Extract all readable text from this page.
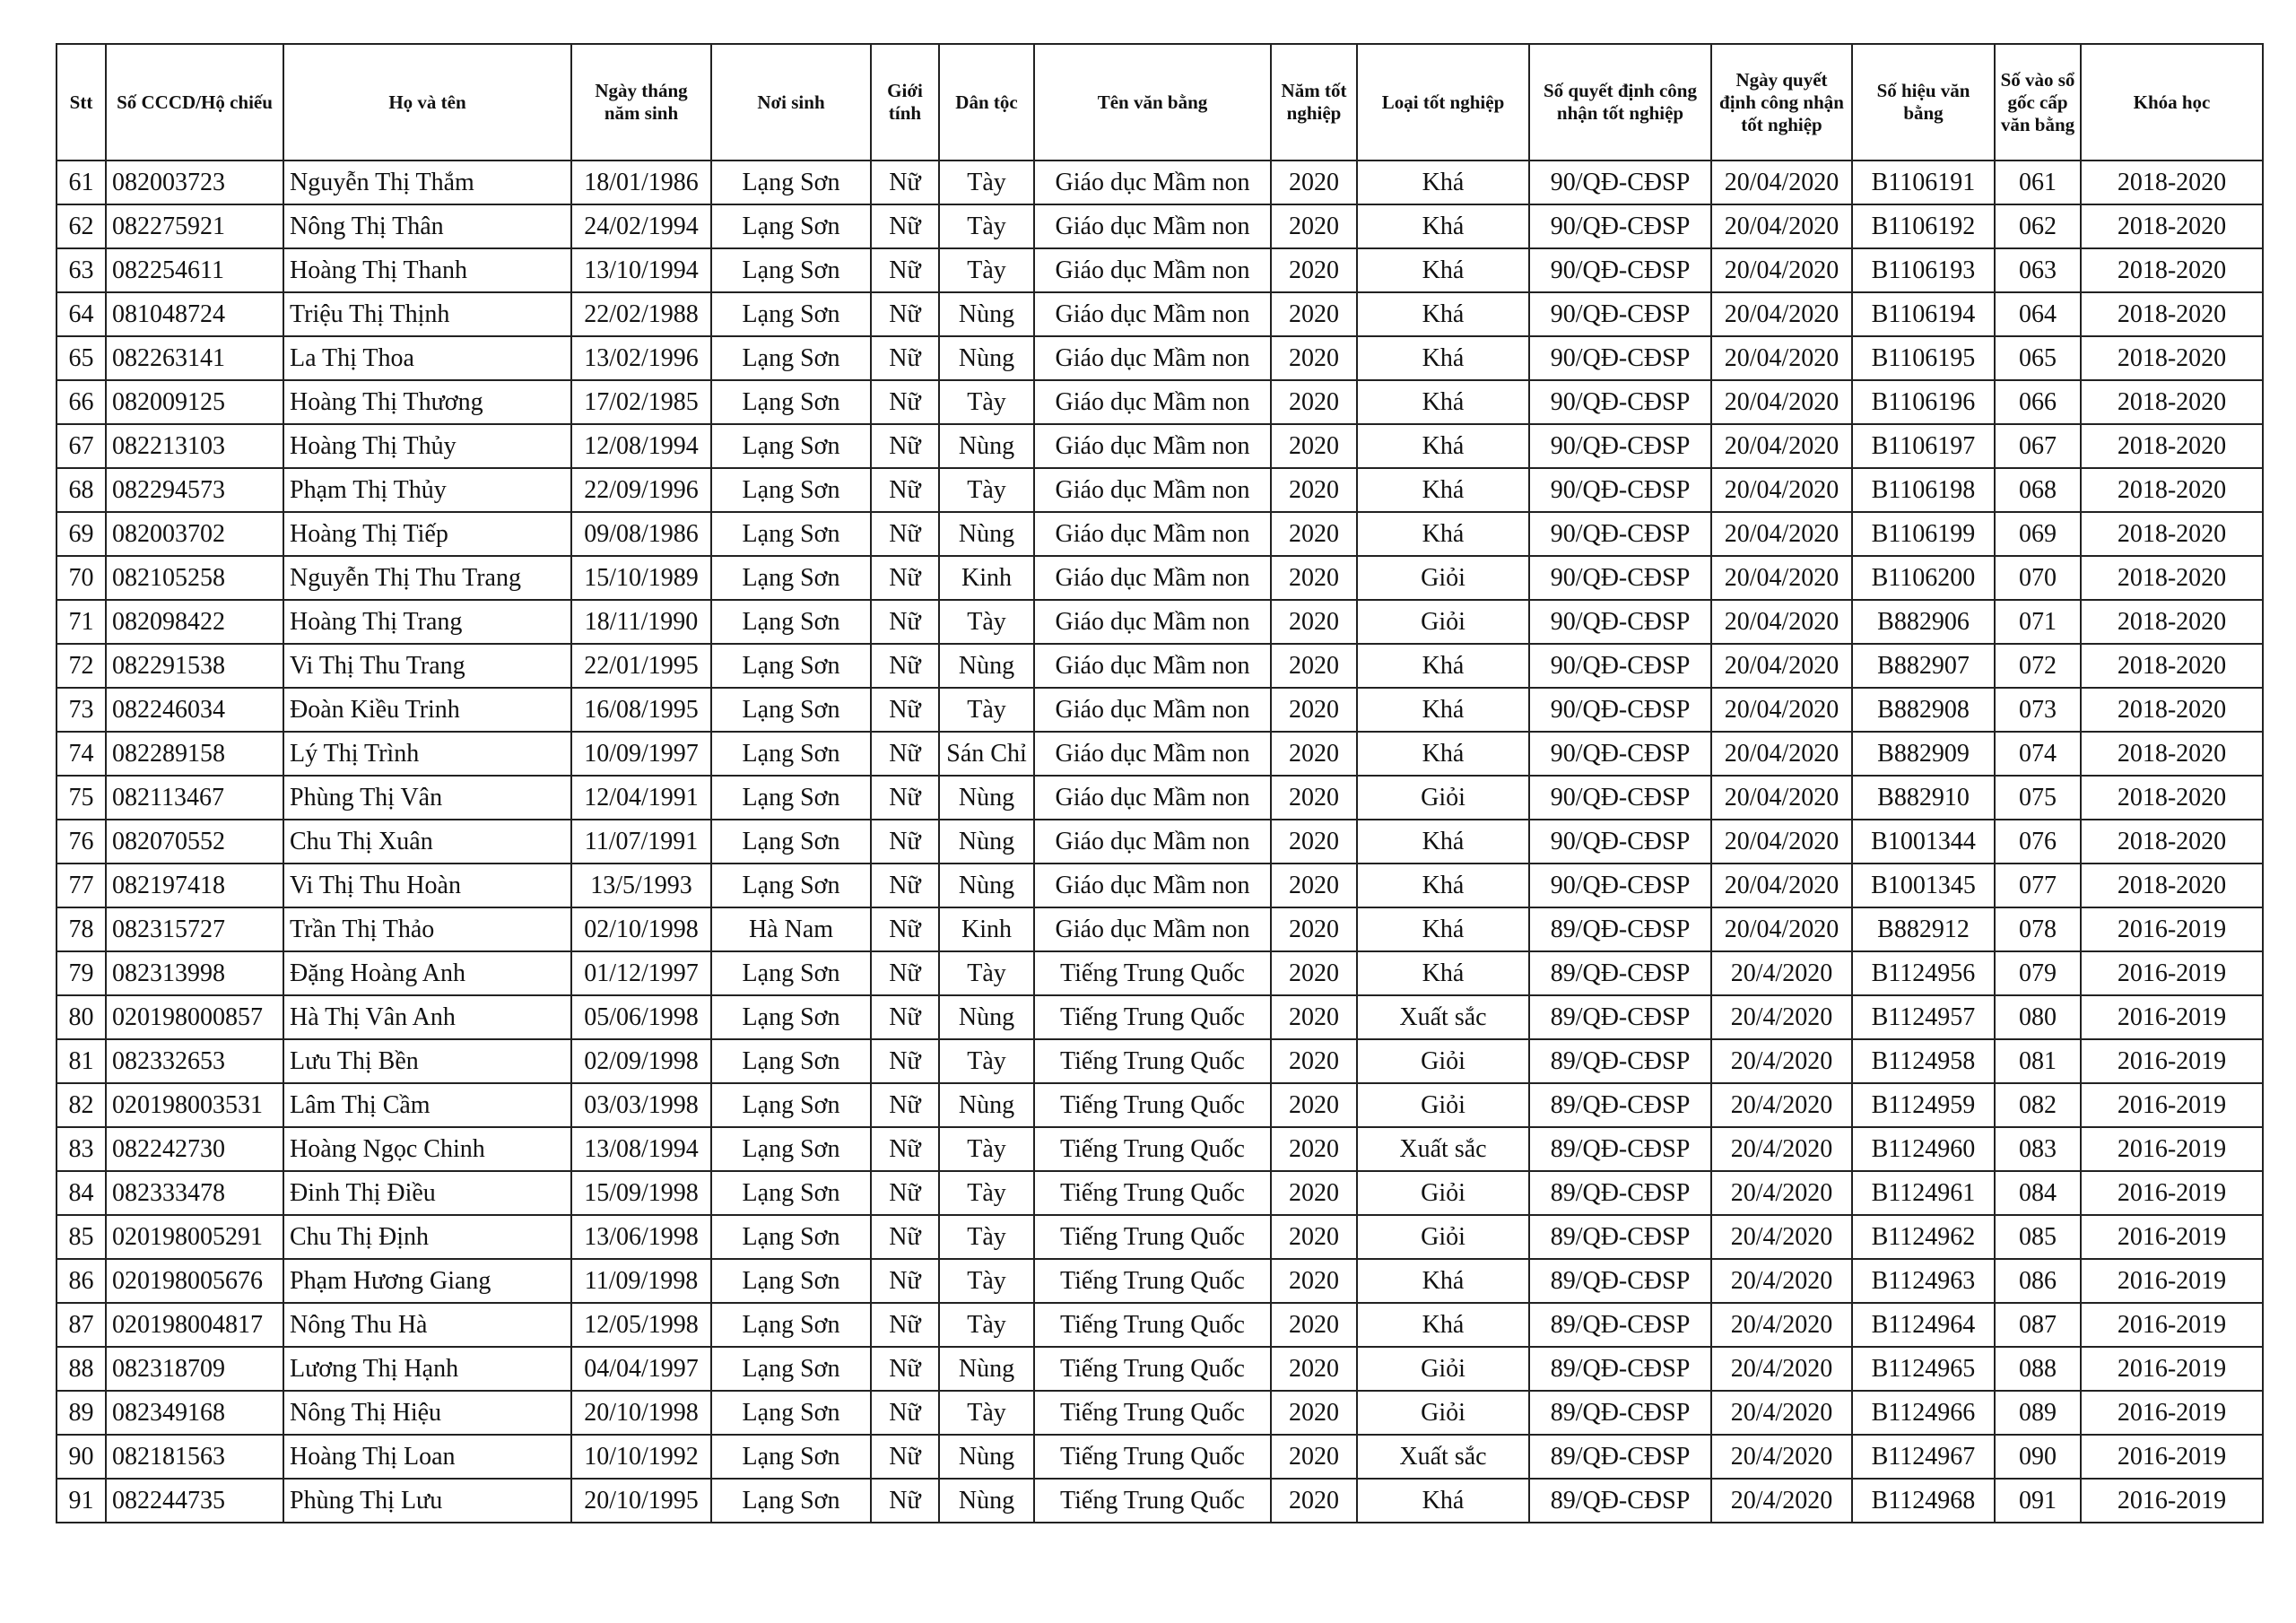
Stt	Số CCCD/Hộ chiếu	Họ và tên	Ngày tháng năm sinh	Nơi sinh	Giới tính	Dân tộc	Tên văn bằng	Năm tốt nghiệp	Loại tốt nghiệp	Số quyết định công nhận tốt nghiệp	Ngày quyết định công nhận tốt nghiệp	Số hiệu văn bằng	Số vào sổ gốc cấp văn bằng	Khóa học
61	082003723	Nguyễn Thị Thắm	18/01/1986	Lạng Sơn	Nữ	Tày	Giáo dục Mầm non	2020	Khá	90/QĐ-CĐSP	20/04/2020	B1106191	061	2018-2020
62	082275921	Nông Thị Thân	24/02/1994	Lạng Sơn	Nữ	Tày	Giáo dục Mầm non	2020	Khá	90/QĐ-CĐSP	20/04/2020	B1106192	062	2018-2020
63	082254611	Hoàng Thị Thanh	13/10/1994	Lạng Sơn	Nữ	Tày	Giáo dục Mầm non	2020	Khá	90/QĐ-CĐSP	20/04/2020	B1106193	063	2018-2020
64	081048724	Triệu Thị Thịnh	22/02/1988	Lạng Sơn	Nữ	Nùng	Giáo dục Mầm non	2020	Khá	90/QĐ-CĐSP	20/04/2020	B1106194	064	2018-2020
65	082263141	La Thị Thoa	13/02/1996	Lạng Sơn	Nữ	Nùng	Giáo dục Mầm non	2020	Khá	90/QĐ-CĐSP	20/04/2020	B1106195	065	2018-2020
66	082009125	Hoàng Thị Thương	17/02/1985	Lạng Sơn	Nữ	Tày	Giáo dục Mầm non	2020	Khá	90/QĐ-CĐSP	20/04/2020	B1106196	066	2018-2020
67	082213103	Hoàng Thị Thủy	12/08/1994	Lạng Sơn	Nữ	Nùng	Giáo dục Mầm non	2020	Khá	90/QĐ-CĐSP	20/04/2020	B1106197	067	2018-2020
68	082294573	Phạm Thị Thủy	22/09/1996	Lạng Sơn	Nữ	Tày	Giáo dục Mầm non	2020	Khá	90/QĐ-CĐSP	20/04/2020	B1106198	068	2018-2020
69	082003702	Hoàng Thị Tiếp	09/08/1986	Lạng Sơn	Nữ	Nùng	Giáo dục Mầm non	2020	Khá	90/QĐ-CĐSP	20/04/2020	B1106199	069	2018-2020
70	082105258	Nguyễn Thị Thu Trang	15/10/1989	Lạng Sơn	Nữ	Kinh	Giáo dục Mầm non	2020	Giỏi	90/QĐ-CĐSP	20/04/2020	B1106200	070	2018-2020
71	082098422	Hoàng Thị Trang	18/11/1990	Lạng Sơn	Nữ	Tày	Giáo dục Mầm non	2020	Giỏi	90/QĐ-CĐSP	20/04/2020	B882906	071	2018-2020
72	082291538	Vi Thị Thu Trang	22/01/1995	Lạng Sơn	Nữ	Nùng	Giáo dục Mầm non	2020	Khá	90/QĐ-CĐSP	20/04/2020	B882907	072	2018-2020
73	082246034	Đoàn Kiều Trinh	16/08/1995	Lạng Sơn	Nữ	Tày	Giáo dục Mầm non	2020	Khá	90/QĐ-CĐSP	20/04/2020	B882908	073	2018-2020
74	082289158	Lý Thị Trình	10/09/1997	Lạng Sơn	Nữ	Sán Chỉ	Giáo dục Mầm non	2020	Khá	90/QĐ-CĐSP	20/04/2020	B882909	074	2018-2020
75	082113467	Phùng Thị Vân	12/04/1991	Lạng Sơn	Nữ	Nùng	Giáo dục Mầm non	2020	Giỏi	90/QĐ-CĐSP	20/04/2020	B882910	075	2018-2020
76	082070552	Chu Thị Xuân	11/07/1991	Lạng Sơn	Nữ	Nùng	Giáo dục Mầm non	2020	Khá	90/QĐ-CĐSP	20/04/2020	B1001344	076	2018-2020
77	082197418	Vi Thị Thu Hoàn	13/5/1993	Lạng Sơn	Nữ	Nùng	Giáo dục Mầm non	2020	Khá	90/QĐ-CĐSP	20/04/2020	B1001345	077	2018-2020
78	082315727	Trần Thị Thảo	02/10/1998	Hà Nam	Nữ	Kinh	Giáo dục Mầm non	2020	Khá	89/QĐ-CĐSP	20/04/2020	B882912	078	2016-2019
79	082313998	Đặng Hoàng Anh	01/12/1997	Lạng Sơn	Nữ	Tày	Tiếng Trung Quốc	2020	Khá	89/QĐ-CĐSP	20/4/2020	B1124956	079	2016-2019
80	020198000857	Hà Thị Vân Anh	05/06/1998	Lạng Sơn	Nữ	Nùng	Tiếng Trung Quốc	2020	Xuất sắc	89/QĐ-CĐSP	20/4/2020	B1124957	080	2016-2019
81	082332653	Lưu Thị Bền	02/09/1998	Lạng Sơn	Nữ	Tày	Tiếng Trung Quốc	2020	Giỏi	89/QĐ-CĐSP	20/4/2020	B1124958	081	2016-2019
82	020198003531	Lâm Thị Cầm	03/03/1998	Lạng Sơn	Nữ	Nùng	Tiếng Trung Quốc	2020	Giỏi	89/QĐ-CĐSP	20/4/2020	B1124959	082	2016-2019
83	082242730	Hoàng Ngọc Chinh	13/08/1994	Lạng Sơn	Nữ	Tày	Tiếng Trung Quốc	2020	Xuất sắc	89/QĐ-CĐSP	20/4/2020	B1124960	083	2016-2019
84	082333478	Đinh Thị Điều	15/09/1998	Lạng Sơn	Nữ	Tày	Tiếng Trung Quốc	2020	Giỏi	89/QĐ-CĐSP	20/4/2020	B1124961	084	2016-2019
85	020198005291	Chu Thị Định	13/06/1998	Lạng Sơn	Nữ	Tày	Tiếng Trung Quốc	2020	Giỏi	89/QĐ-CĐSP	20/4/2020	B1124962	085	2016-2019
86	020198005676	Phạm Hương Giang	11/09/1998	Lạng Sơn	Nữ	Tày	Tiếng Trung Quốc	2020	Khá	89/QĐ-CĐSP	20/4/2020	B1124963	086	2016-2019
87	020198004817	Nông Thu Hà	12/05/1998	Lạng Sơn	Nữ	Tày	Tiếng Trung Quốc	2020	Khá	89/QĐ-CĐSP	20/4/2020	B1124964	087	2016-2019
88	082318709	Lương Thị Hạnh	04/04/1997	Lạng Sơn	Nữ	Nùng	Tiếng Trung Quốc	2020	Giỏi	89/QĐ-CĐSP	20/4/2020	B1124965	088	2016-2019
89	082349168	Nông Thị Hiệu	20/10/1998	Lạng Sơn	Nữ	Tày	Tiếng Trung Quốc	2020	Giỏi	89/QĐ-CĐSP	20/4/2020	B1124966	089	2016-2019
90	082181563	Hoàng Thị Loan	10/10/1992	Lạng Sơn	Nữ	Nùng	Tiếng Trung Quốc	2020	Xuất sắc	89/QĐ-CĐSP	20/4/2020	B1124967	090	2016-2019
91	082244735	Phùng Thị Lưu	20/10/1995	Lạng Sơn	Nữ	Nùng	Tiếng Trung Quốc	2020	Khá	89/QĐ-CĐSP	20/4/2020	B1124968	091	2016-2019
